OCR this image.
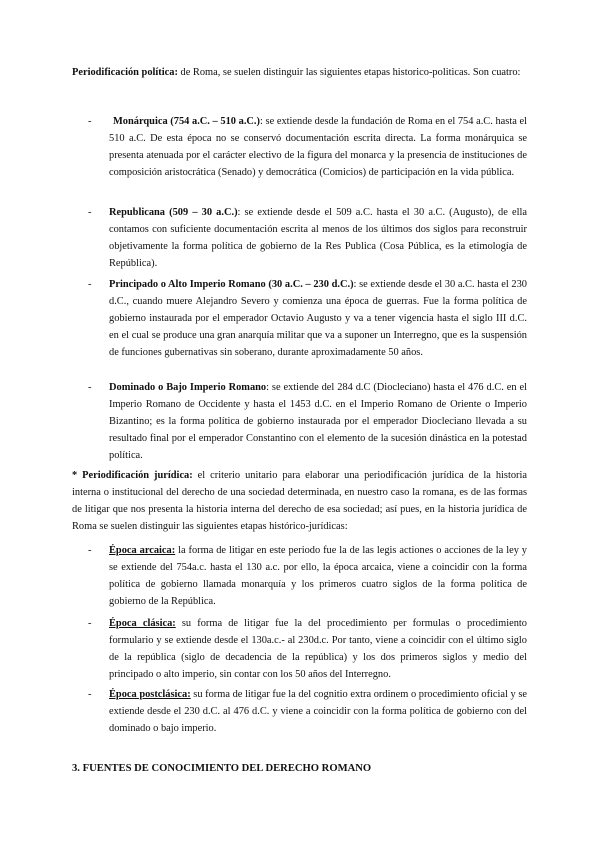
Periodificación política: de Roma, se suelen distinguir las siguientes etapas historico-politicas. Son cuatro:

-	Monárquica (754 a.C. – 510 a.C.): se extiende desde la fundación de Roma en el 754 a.C. hasta el 510 a.C. De esta época no se conservó documentación escrita directa. La forma monárquica se presenta atenuada por el carácter electivo de la figura del monarca y la presencia de instituciones de composición aristocrática (Senado) y democrática (Comicios) de participación en la vida pública.
- Republicana (509 – 30 a.C.): se extiende desde el 509 a.C. hasta el 30 a.C. (Augusto), de ella contamos con suficiente documentación escrita al menos de los últimos dos siglos para reconstruir objetivamente la forma política de gobierno de la Res Publica (Cosa Pública, es la etimología de República).
- Principado o Alto Imperio Romano (30 a.C. – 230 d.C.): se extiende desde el 30 a.C. hasta el 230 d.C., cuando muere Alejandro Severo y comienza una época de guerras. Fue la forma política de gobierno instaurada por el emperador Octavio Augusto y va a tener vigencia hasta el siglo III d.C. en el cual se produce una gran anarquía militar que va a suponer un Interregno, que es la suspensión de funciones gubernativas sin soberano, durante aproximadamente 50 años.
- Dominado o Bajo Imperio Romano: se extiende del 284 d.C (Diocleciano) hasta el 476 d.C. en el Imperio Romano de Occidente y hasta el 1453 d.C. en el Imperio Romano de Oriente o Imperio Bizantino; es la forma política de gobierno instaurada por el emperador Diocleciano llevada a su resultado final por el emperador Constantino con el elemento de la sucesión dinástica en la potestad política.

* Periodificación jurídica: el criterio unitario para elaborar una periodificación jurídica de la historia interna o institucional del derecho de una sociedad determinada, en nuestro caso la romana, es de las formas de litigar que nos presenta la historia interna del derecho de esa sociedad; así pues, en la historia jurídica de Roma se suelen distinguir las siguientes etapas histórico-jurídicas:

- Época arcaica: la forma de litigar en este periodo fue la de las legis actiones o acciones de la ley y se extiende del 754a.c. hasta el 130 a.c. por ello, la época arcaica, viene a coincidir con la forma política de gobierno llamada monarquía y los primeros cuatro siglos de la forma política de gobierno de la República.
- Época clásica: su forma de litigar fue la del procedimiento per formulas o procedimiento formulario y se extiende desde el 130a.c.- al 230d.c. Por tanto, viene a coincidir con el último siglo de la república (siglo de decadencia de la república) y los dos primeros siglos y medio del principado o alto imperio, sin contar con los 50 años del Interregno.
- Época postclásica: su forma de litigar fue la del cognitio extra ordinem o procedimiento oficial y se extiende desde el 230 d.C. al 476 d.C. y viene a coincidir con la forma política de gobierno con del dominado o bajo imperio.
3. FUENTES DE CONOCIMIENTO DEL DERECHO ROMANO
